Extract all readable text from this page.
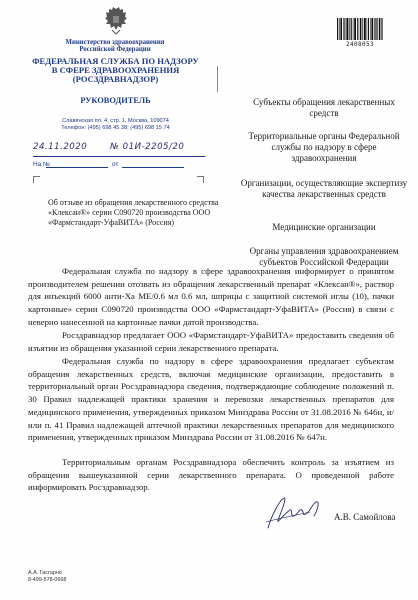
Министерство здравоохранения
Российской Федерации
ФЕДЕРАЛЬНАЯ СЛУЖБА ПО НАДЗОРУ
В СФЕРЕ ЗДРАВООХРАНЕНИЯ
(РОСЗДРАВНАДЗОР)
РУКОВОДИТЕЛЬ
Славянская пл. 4, стр. 1, Москва, 109074
Телефон: (495) 698 45 38; (495) 698 15 74
24.11.2020	№ 01И-2205/20
На №	от
Об отзыве из обращения лекарственного средства «Клексан®» серии C090720 производства ООО «Фармстандарт-УфаВИТА» (Россия)
2408053
Субъекты обращения лекарственных средств
Территориальные органы Федеральной службы по надзору в сфере здравоохранения
Организации, осуществляющие экспертизу качества лекарственных средств
Медицинские организации
Органы управления здравоохранением субъектов Российской Федерации
Федеральная служба по надзору в сфере здравоохранения информирует о принятом производителем решении отозвать из обращения лекарственный препарат «Клексан®», раствор для инъекций 6000 анти-Ха МЕ/0.6 мл 0.6 мл, шприцы с защитной системой иглы (10), пачки картонные» серии C090720 производства ООО «Фармстандарт-УфаВИТА» (Россия) в связи с неверно нанесенной на картонные пачки датой производства.
Росздравнадзор предлагает ООО «Фармстандарт-УфаВИТА» предоставить сведения об изъятии из обращения указанной серии лекарственного препарата.
Федеральная служба по надзору в сфере здравоохранения предлагает субъектам обращения лекарственных средств, включая медицинские организации, предоставить в территориальный орган Росздравнадзора сведения, подтверждающие соблюдение положений п. 30 Правил надлежащей практики хранения и перевозки лекарственных препаратов для медицинского применения, утвержденных приказом Минздрава России от 31.08.2016 № 646н, и/или п. 41 Правил надлежащей аптечной практики лекарственных препаратов для медицинского применения, утвержденных приказом Минздрава России от 31.08.2016 № 647н.
Территориальным органам Росздравнадзора обеспечить контроль за изъятием из обращения вышеуказанной серии лекарственного препарата. О проведенной работе информировать Росздравнадзор.
А.В. Самойлова
А.А. Гасгарно
8-499-578-0668
